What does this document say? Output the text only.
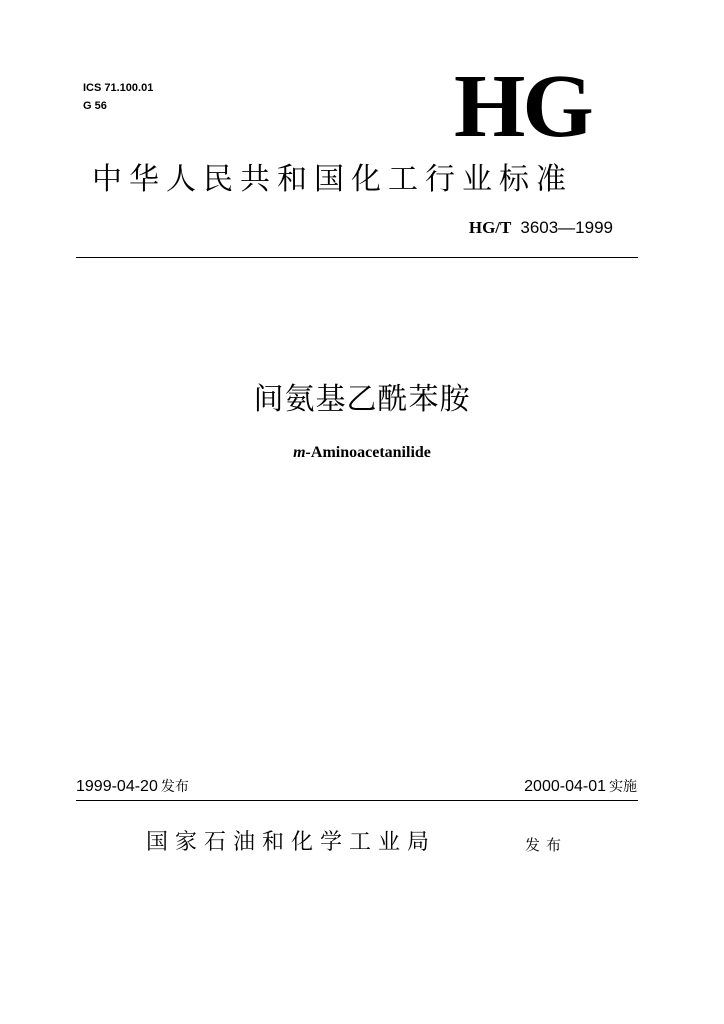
ICS 71.100.01
G 56	HG
中华人民共和国化工行业标准
HG/T 3603—1999
间氨基乙酰苯胺
m-Aminoacetanilide
1999-04-20 发布	2000-04-01 实施
国家石油和化学工业局	发布
